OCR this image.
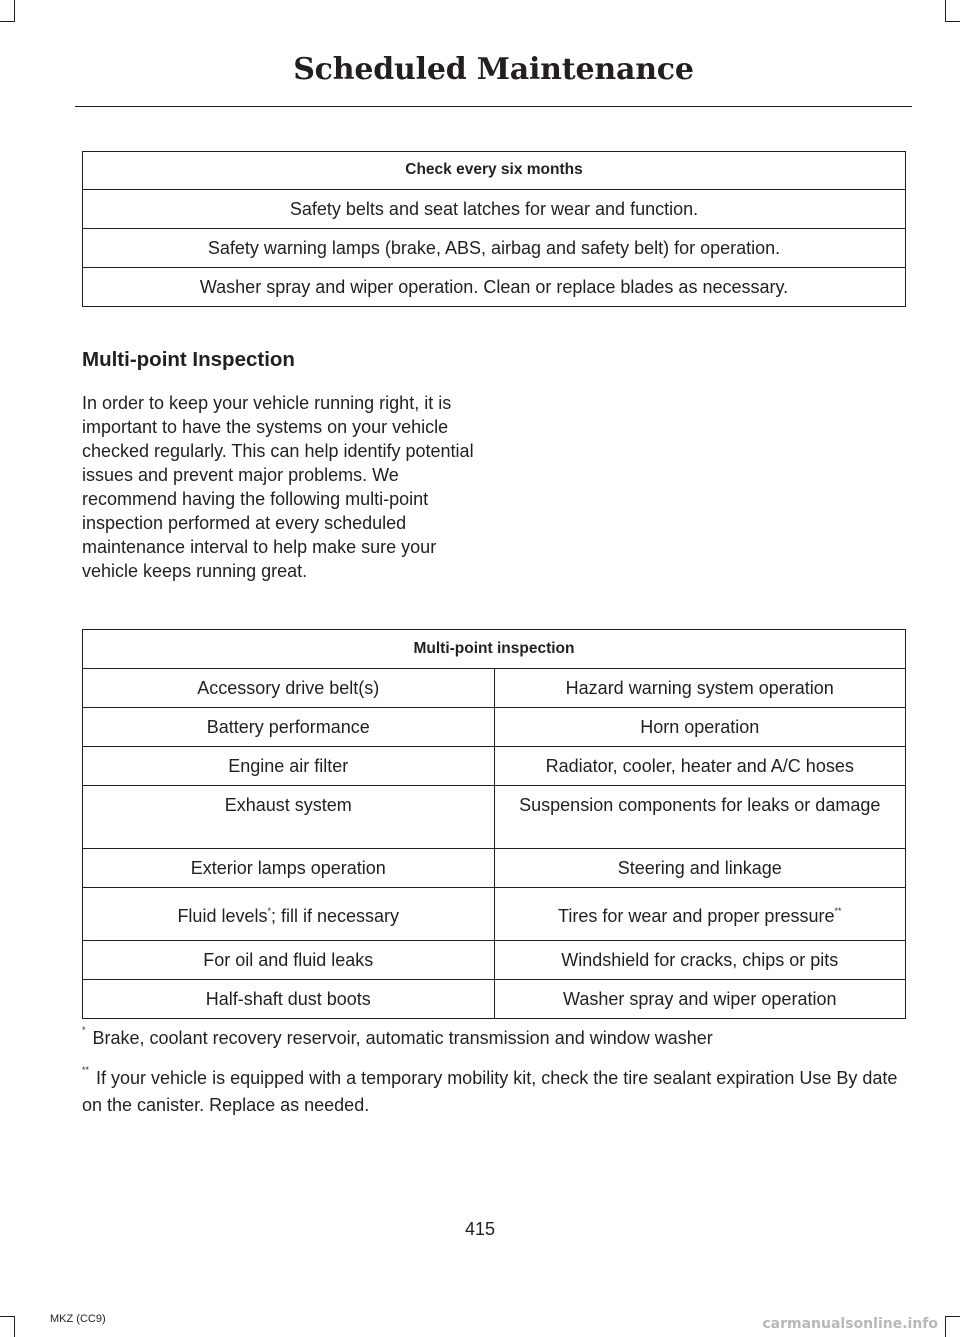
Scheduled Maintenance
Check every six months
Safety belts and seat latches for wear and function.
Safety warning lamps (brake, ABS, airbag and safety belt) for operation.
Washer spray and wiper operation. Clean or replace blades as necessary.
Multi-point Inspection

In order to keep your vehicle running right, it is important to have the systems on your vehicle checked regularly. This can help identify potential issues and prevent major problems. We recommend having the following multi-point inspection performed at every scheduled maintenance interval to help make sure your vehicle keeps running great.

Multi-point inspection	
Accessory drive belt(s)	Hazard warning system operation
Battery performance	Horn operation
Engine air filter	Radiator, cooler, heater and A/C hoses
Exhaust system	Suspension components for leaks or damage
Exterior lamps operation	Steering and linkage
Fluid levels*; fill if necessary	Tires for wear and proper pressure**
For oil and fluid leaks	Windshield for cracks, chips or pits
Half-shaft dust boots	Washer spray and wiper operation

* Brake, coolant recovery reservoir, automatic transmission and window washer

** If your vehicle is equipped with a temporary mobility kit, check the tire sealant expiration Use By date on the canister. Replace as needed.

415
MKZ (CC9)	carmanualsonline.info
